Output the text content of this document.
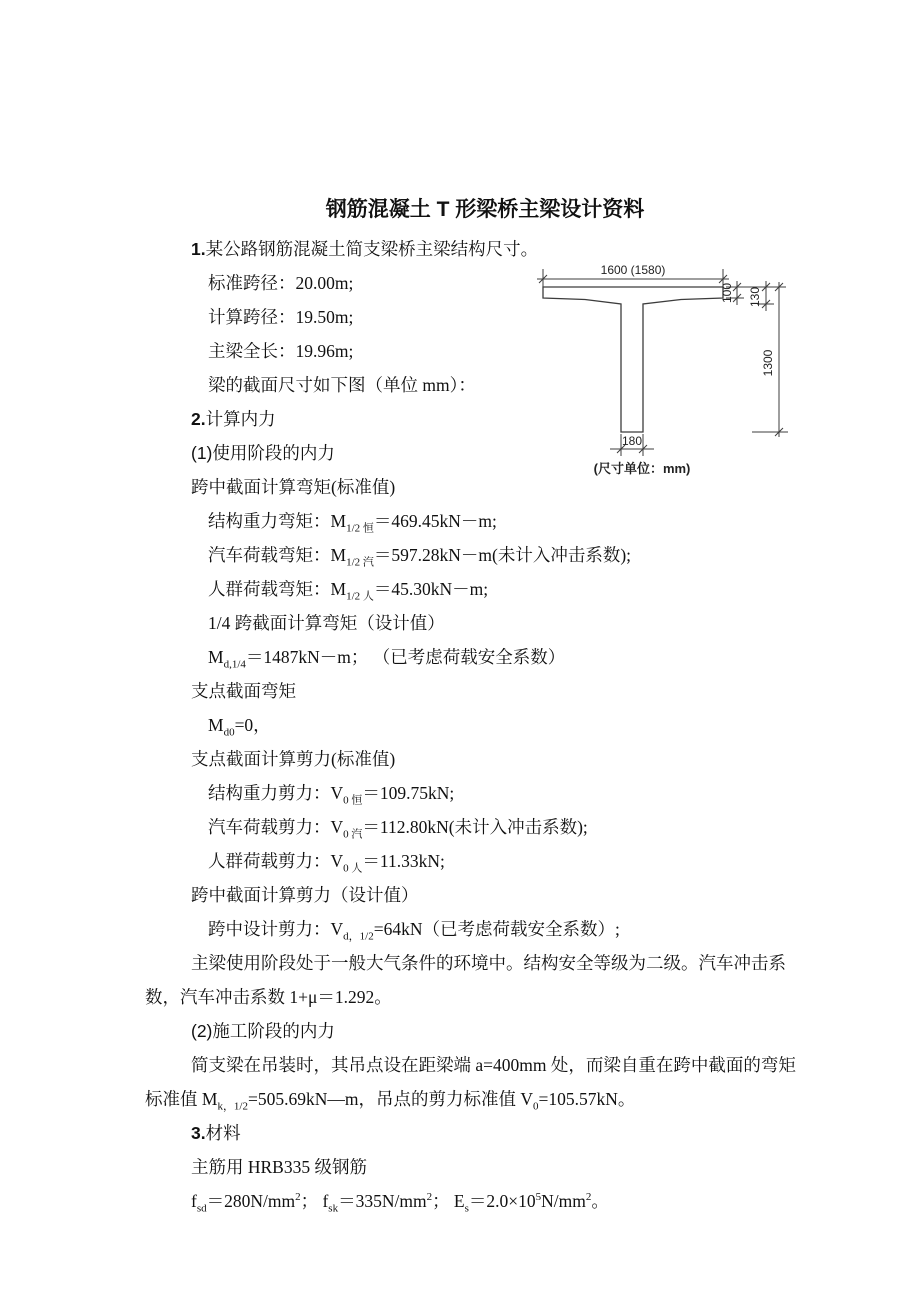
钢筋混凝土 T 形梁桥主梁设计资料
1.某公路钢筋混凝土简支梁桥主梁结构尺寸。
标准跨径：20.00m;
计算跨径：19.50m;
主梁全长：19.96m;
梁的截面尺寸如下图（单位 mm）：
2.计算内力
(1)使用阶段的内力
跨中截面计算弯矩(标准值)
结构重力弯矩：$M_{1/2 恒}=469.45kN-m$;
汽车荷载弯矩：$M_{1/2 汽}=597.28kN-m$(未计入冲击系数);
人群荷载弯矩：$M_{1/2 人}=45.30kN-m$;
1/4 跨截面计算弯矩（设计值）
$M_{d,1/4}=1487kN-m$； （已考虑荷载安全系数）
支点截面弯矩
$M_{d0}=0$，
支点截面计算剪力(标准值)
结构重力剪力：$V_{0 恒}=109.75kN$;
汽车荷载剪力：$V_{0 汽}=112.80kN$(未计入冲击系数);
人群荷载剪力：$V_{0 人}=11.33kN$;
跨中截面计算剪力（设计值）
跨中设计剪力：$V_{d,1/2}=64kN$（已考虑荷载安全系数）;
主梁使用阶段处于一般大气条件的环境中。结构安全等级为二级。汽车冲击系
数，汽车冲击系数 1+μ＝1.292。
(2)施工阶段的内力
简支梁在吊装时，其吊点设在距梁端 a=400mm 处，而梁自重在跨中截面的弯矩
标准值 $M_{k,1/2}=505.69kN—m$，吊点的剪力标准值 $V_0=105.57kN$。
3.材料
主筋用 HRB335 级钢筋
$f_{sd}=280N/mm^2$； $f_{sk}=335N/mm^2$； $E_s=2.0\times 10^5N/mm^2$。
1600 (1580)
100 130
1300
180
(尺寸单位：mm)
